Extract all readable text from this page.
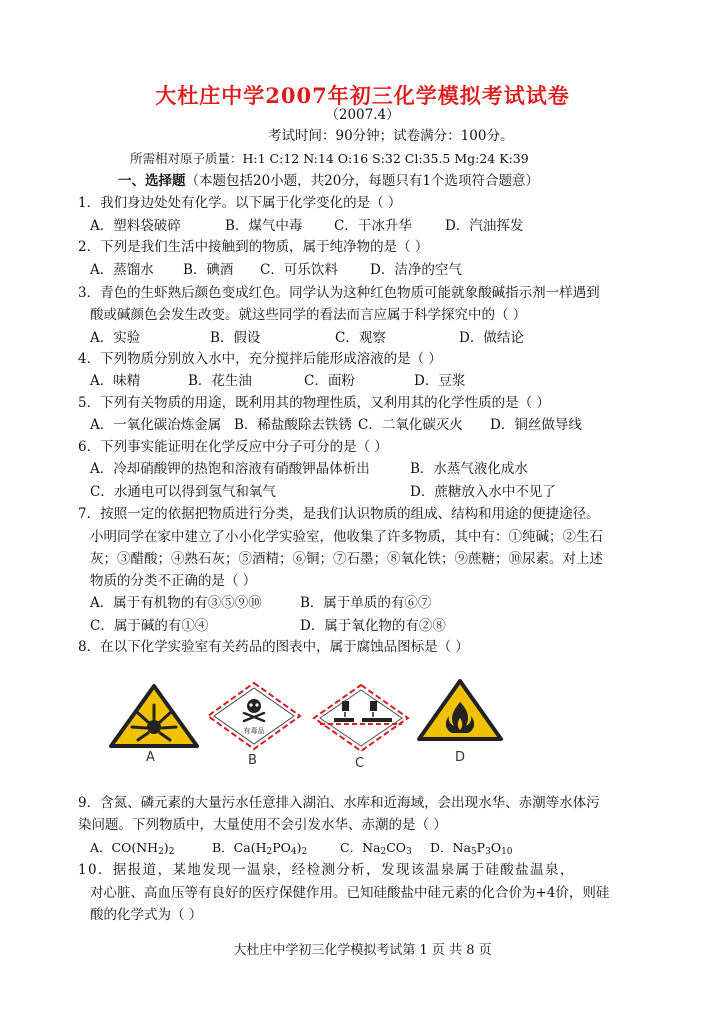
大杜庄中学2007年初三化学模拟考试试卷
（2007.4）
考试时间：90分钟；试卷满分：100分。
所需相对原子质量：H:1 C:12 N:14 O:16 S:32 Cl:35.5 Mg:24 K:39
一、选择题（本题包括20小题，共20分，每题只有1个选项符合题意）
1．我们身边处处有化学。以下属于化学变化的是（ ）
A．塑料袋破碎	B．煤气中毒 C．干冰升华 D．汽油挥发
2．下列是我们生活中接触到的物质，属于纯净物的是（ ）
A．蒸馏水 B．碘酒 C．可乐饮料 D．洁净的空气
3．青色的生虾熟后颜色变成红色。同学认为这种红色物质可能就象酸碱指示剂一样遇到
酸或碱颜色会发生改变。就这些同学的看法而言应属于科学探究中的（ ）
A．实验	B．假设	C．观察	D．做结论
4．下列物质分别放入水中，充分搅拌后能形成溶液的是（ ）
A．味精	B．花生油	C．面粉	D．豆浆
5．下列有关物质的用途，既利用其的物理性质，又利用其的化学性质的是（ ）
A．一氧化碳冶炼金属 B．稀盐酸除去铁锈 C．二氧化碳灭火 D．铜丝做导线
6．下列事实能证明在化学反应中分子可分的是（ ）
A．冷却硝酸钾的热饱和溶液有硝酸钾晶体析出	B．水蒸气液化成水
C．水通电可以得到氢气和氧气	D．蔗糖放入水中不见了
7．按照一定的依据把物质进行分类，是我们认识物质的组成、结构和用途的便捷途径。
小明同学在家中建立了小小化学实验室，他收集了许多物质，其中有：①纯碱；②生石
灰；③醋酸；④熟石灰；⑤酒精；⑥铜；⑦石墨；⑧氧化铁；⑨蔗糖；⑩尿素。对上述
物质的分类不正确的是（ ）
A．属于有机物的有③⑤⑨⑩	B．属于单质的有⑥⑦
C．属于碱的有①④	D．属于氧化物的有②⑧
8．在以下化学实验室有关药品的图表中，属于腐蚀品图标是（ ）
A
有毒品
B	C	D
9．含氮、磷元素的大量污水任意排入湖泊、水库和近海域，会出现水华、赤潮等水体污
染问题。下列物质中，大量使用不会引发水华、赤潮的是（ ）
A．$CO(NH_2)_2$	B．$Ca(H_2PO_4)_2$	C．$Na_2CO_3$ D．$Na_5P_3O_{10}$
10．据报道，某地发现一温泉，经检测分析，发现该温泉属于硅酸盐温泉，
对心脏、高血压等有良好的医疗保健作用。已知硅酸盐中硅元素的化合价为+4价，则硅
酸的化学式为（ ）
大杜庄中学初三化学模拟考试第 1 页 共 8 页
